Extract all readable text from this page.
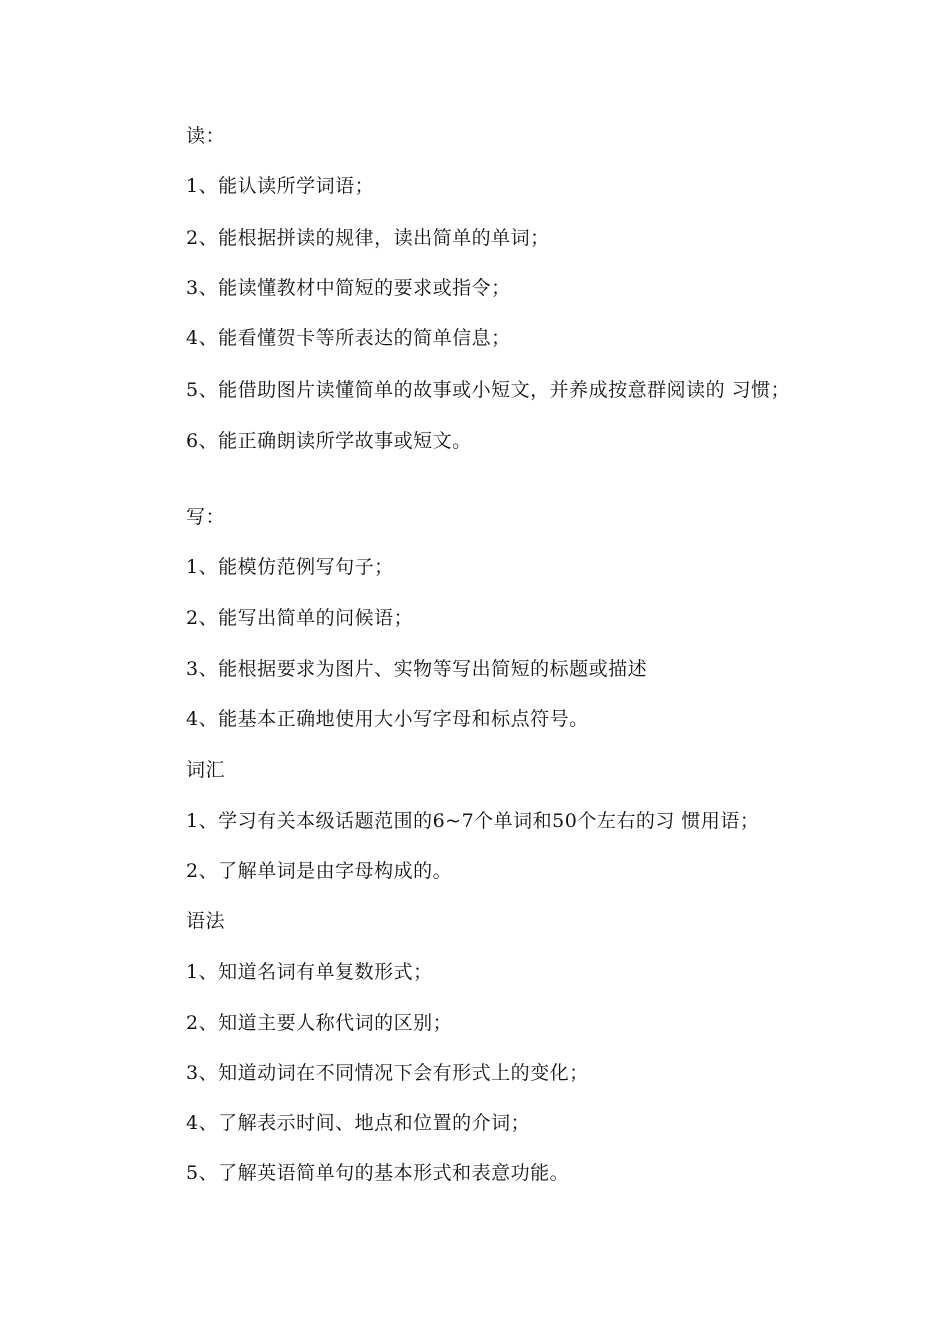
读：
1、能认读所学词语；
2、能根据拼读的规律，读出简单的单词；
3、能读懂教材中简短的要求或指令；
4、能看懂贺卡等所表达的简单信息；
5、能借助图片读懂简单的故事或小短文，并养成按意群阅读的 习惯；
6、能正确朗读所学故事或短文。
写：
1、能模仿范例写句子；
2、能写出简单的问候语；
3、能根据要求为图片、实物等写出简短的标题或描述
4、能基本正确地使用大小写字母和标点符号。
词汇
1、学习有关本级话题范围的6~7个单词和50个左右的习 惯用语；
2、了解单词是由字母构成的。
语法
1、知道名词有单复数形式；
2、知道主要人称代词的区别；
3、知道动词在不同情况下会有形式上的变化；
4、了解表示时间、地点和位置的介词；
5、了解英语简单句的基本形式和表意功能。
